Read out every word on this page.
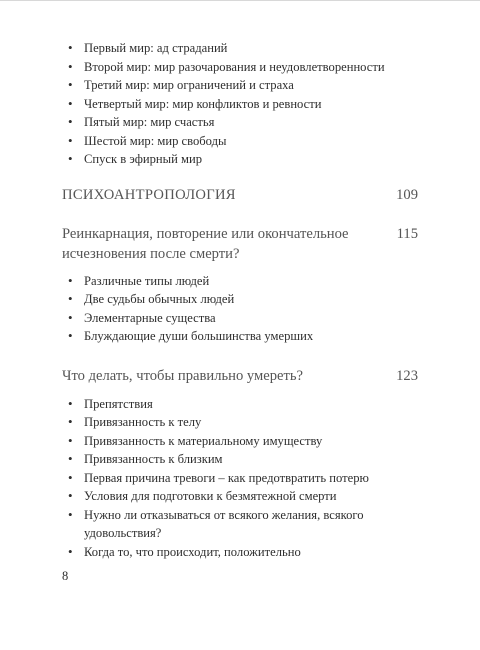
• Первый мир: ад страданий
• Второй мир: мир разочарования и неудовлетворенности
• Третий мир: мир ограничений и страха
• Четвертый мир: мир конфликтов и ревности
• Пятый мир: мир счастья
• Шестой мир: мир свободы
• Спуск в эфирный мир
ПСИХОАНТРОПОЛОГИЯ	109
Реинкарнация, повторение или окончательное исчезновения после смерти?
115
• Различные типы людей
• Две судьбы обычных людей
• Элементарные существа
• Блуждающие души большинства умерших
Что делать, чтобы правильно умереть?	123
• Препятствия
• Привязанность к телу
• Привязанность к материальному имуществу
• Привязанность к близким
• Первая причина тревоги – как предотвратить потерю
• Условия для подготовки к безмятежной смерти
• Нужно ли отказываться от всякого желания, всякого удовольствия?
• Когда то, что происходит, положительно
8
